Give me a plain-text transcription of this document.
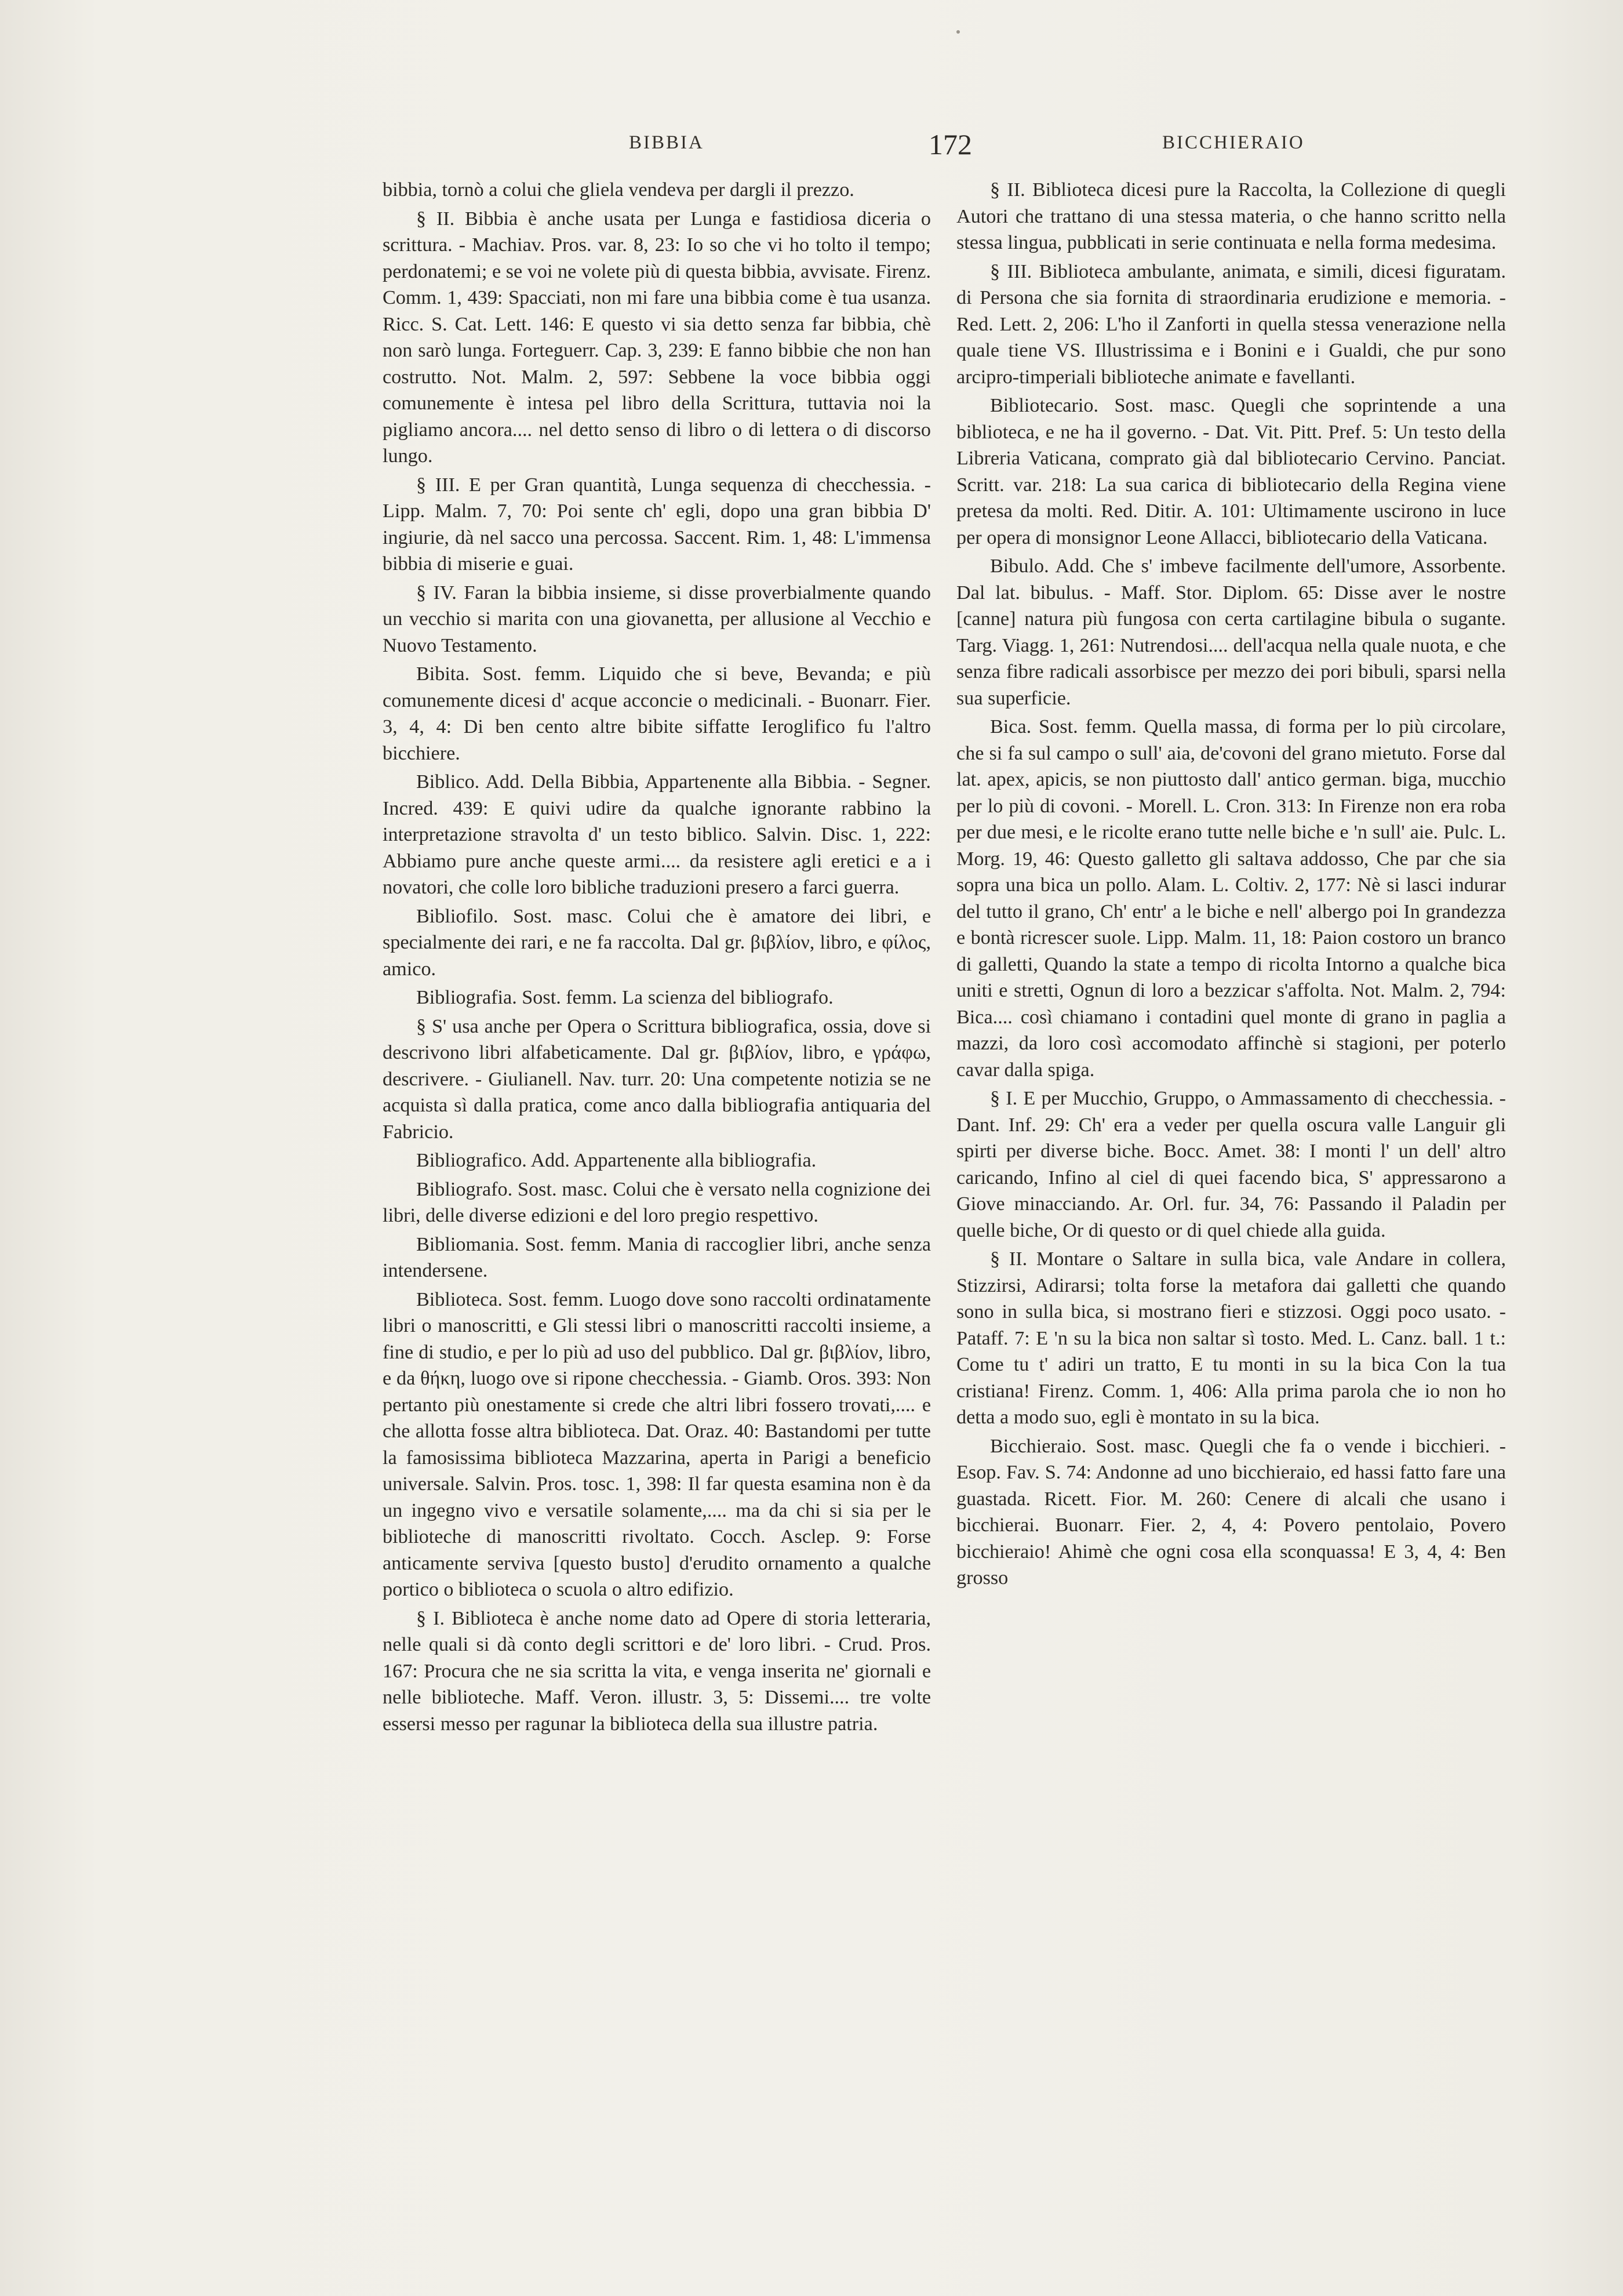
BIBBIA	172	BICCHIERAIO

bibbia, tornò a colui che gliela vendeva per dargli il prezzo.

§ II. Bibbia è anche usata per Lunga e fastidiosa diceria o scrittura. - Machiav. Pros. var. 8, 23: Io so che vi ho tolto il tempo; perdonatemi; e se voi ne volete più di questa bibbia, avvisate. Firenz. Comm. 1, 439: Spacciati, non mi fare una bibbia come è tua usanza. Ricc. S. Cat. Lett. 146: E questo vi sia detto senza far bibbia, chè non sarò lunga. Forteguerr. Cap. 3, 239: E fanno bibbie che non han costrutto. Not. Malm. 2, 597: Sebbene la voce bibbia oggi comunemente è intesa pel libro della Scrittura, tuttavia noi la pigliamo ancora.... nel detto senso di libro o di lettera o di discorso lungo.

§ III. E per Gran quantità, Lunga sequenza di checchessia. - Lipp. Malm. 7, 70: Poi sente ch' egli, dopo una gran bibbia D' ingiurie, dà nel sacco una percossa. Saccent. Rim. 1, 48: L'immensa bibbia di miserie e guai.

§ IV. Faran la bibbia insieme, si disse proverbialmente quando un vecchio si marita con una giovanetta, per allusione al Vecchio e Nuovo Testamento.

Bibita. Sost. femm. Liquido che si beve, Bevanda; e più comunemente dicesi d' acque acconcie o medicinali. - Buonarr. Fier. 3, 4, 4: Di ben cento altre bibite siffatte Ieroglifico fu l'altro bicchiere.

Biblico. Add. Della Bibbia, Appartenente alla Bibbia. - Segner. Incred. 439: E quivi udire da qualche ignorante rabbino la interpretazione stravolta d' un testo biblico. Salvin. Disc. 1, 222: Abbiamo pure anche queste armi.... da resistere agli eretici e a i novatori, che colle loro bibliche traduzioni presero a farci guerra.

Bibliofilo. Sost. masc. Colui che è amatore dei libri, e specialmente dei rari, e ne fa raccolta. Dal gr. βιβλίον, libro, e φίλος, amico.

Bibliografia. Sost. femm. La scienza del bibliografo.

§ S' usa anche per Opera o Scrittura bibliografica, ossia, dove si descrivono libri alfabeticamente. Dal gr. βιβλίον, libro, e γράφω, descrivere. - Giulianell. Nav. turr. 20: Una competente notizia se ne acquista sì dalla pratica, come anco dalla bibliografia antiquaria del Fabricio.

Bibliografico. Add. Appartenente alla bibliografia.

Bibliografo. Sost. masc. Colui che è versato nella cognizione dei libri, delle diverse edizioni e del loro pregio respettivo.

Bibliomania. Sost. femm. Mania di raccoglier libri, anche senza intendersene.

Biblioteca. Sost. femm. Luogo dove sono raccolti ordinatamente libri o manoscritti, e Gli stessi libri o manoscritti raccolti insieme, a fine di studio, e per lo più ad uso del pubblico. Dal gr. βιβλίον, libro, e da θήκη, luogo ove si ripone checchessia. - Giamb. Oros. 393: Non pertanto più onestamente si crede che altri libri fossero trovati,.... e che allotta fosse altra biblioteca. Dat. Oraz. 40: Bastandomi per tutte la famosissima biblioteca Mazzarina, aperta in Parigi a beneficio universale. Salvin. Pros. tosc. 1, 398: Il far questa esamina non è da un ingegno vivo e versatile solamente,.... ma da chi si sia per le biblioteche di manoscritti rivoltato. Cocch. Asclep. 9: Forse anticamente serviva [questo busto] d'erudito ornamento a qualche portico o biblioteca o scuola o altro edifizio.

§ I. Biblioteca è anche nome dato ad Opere di storia letteraria, nelle quali si dà conto degli scrittori e de' loro libri. - Crud. Pros. 167: Procura che ne sia scritta la vita, e venga inserita ne' giornali e nelle biblioteche. Maff. Veron. illustr. 3, 5: Dissemi.... tre volte essersi messo per ragunar la biblioteca della sua illustre patria.

§ II. Biblioteca dicesi pure la Raccolta, la Collezione di quegli Autori che trattano di una stessa materia, o che hanno scritto nella stessa lingua, pubblicati in serie continuata e nella forma medesima.

§ III. Biblioteca ambulante, animata, e simili, dicesi figuratam. di Persona che sia fornita di straordinaria erudizione e memoria. - Red. Lett. 2, 206: L'ho il Zanforti in quella stessa venerazione nella quale tiene VS. Illustrissima e i Bonini e i Gualdi, che pur sono arcipro-timperiali biblioteche animate e favellanti.

Bibliotecario. Sost. masc. Quegli che soprintende a una biblioteca, e ne ha il governo. - Dat. Vit. Pitt. Pref. 5: Un testo della Libreria Vaticana, comprato già dal bibliotecario Cervino. Panciat. Scritt. var. 218: La sua carica di bibliotecario della Regina viene pretesa da molti. Red. Ditir. A. 101: Ultimamente uscirono in luce per opera di monsignor Leone Allacci, bibliotecario della Vaticana.

Bibulo. Add. Che s' imbeve facilmente dell'umore, Assorbente. Dal lat. bibulus. - Maff. Stor. Diplom. 65: Disse aver le nostre [canne] natura più fungosa con certa cartilagine bibula o sugante. Targ. Viagg. 1, 261: Nutrendosi.... dell'acqua nella quale nuota, e che senza fibre radicali assorbisce per mezzo dei pori bibuli, sparsi nella sua superficie.

Bica. Sost. femm. Quella massa, di forma per lo più circolare, che si fa sul campo o sull' aia, de'covoni del grano mietuto. Forse dal lat. apex, apicis, se non piuttosto dall' antico german. biga, mucchio per lo più di covoni. - Morell. L. Cron. 313: In Firenze non era roba per due mesi, e le ricolte erano tutte nelle biche e 'n sull' aie. Pulc. L. Morg. 19, 46: Questo galletto gli saltava addosso, Che par che sia sopra una bica un pollo. Alam. L. Coltiv. 2, 177: Nè si lasci indurar del tutto il grano, Ch' entr' a le biche e nell' albergo poi In grandezza e bontà ricrescer suole. Lipp. Malm. 11, 18: Paion costoro un branco di galletti, Quando la state a tempo di ricolta Intorno a qualche bica uniti e stretti, Ognun di loro a bezzicar s'affolta. Not. Malm. 2, 794: Bica.... così chiamano i contadini quel monte di grano in paglia a mazzi, da loro così accomodato affinchè si stagioni, per poterlo cavar dalla spiga.

§ I. E per Mucchio, Gruppo, o Ammassamento di checchessia. - Dant. Inf. 29: Ch' era a veder per quella oscura valle Languir gli spirti per diverse biche. Bocc. Amet. 38: I monti l' un dell' altro caricando, Infino al ciel di quei facendo bica, S' appressarono a Giove minacciando. Ar. Orl. fur. 34, 76: Passando il Paladin per quelle biche, Or di questo or di quel chiede alla guida.

§ II. Montare o Saltare in sulla bica, vale Andare in collera, Stizzirsi, Adirarsi; tolta forse la metafora dai galletti che quando sono in sulla bica, si mostrano fieri e stizzosi. Oggi poco usato. - Pataff. 7: E 'n su la bica non saltar sì tosto. Med. L. Canz. ball. 1 t.: Come tu t' adiri un tratto, E tu monti in su la bica Con la tua cristiana! Firenz. Comm. 1, 406: Alla prima parola che io non ho detta a modo suo, egli è montato in su la bica.

Bicchieraio. Sost. masc. Quegli che fa o vende i bicchieri. - Esop. Fav. S. 74: Andonne ad uno bicchieraio, ed hassi fatto fare una guastada. Ricett. Fior. M. 260: Cenere di alcali che usano i bicchierai. Buonarr. Fier. 2, 4, 4: Povero pentolaio, Povero bicchieraio! Ahimè che ogni cosa ella sconquassa! E 3, 4, 4: Ben grosso
